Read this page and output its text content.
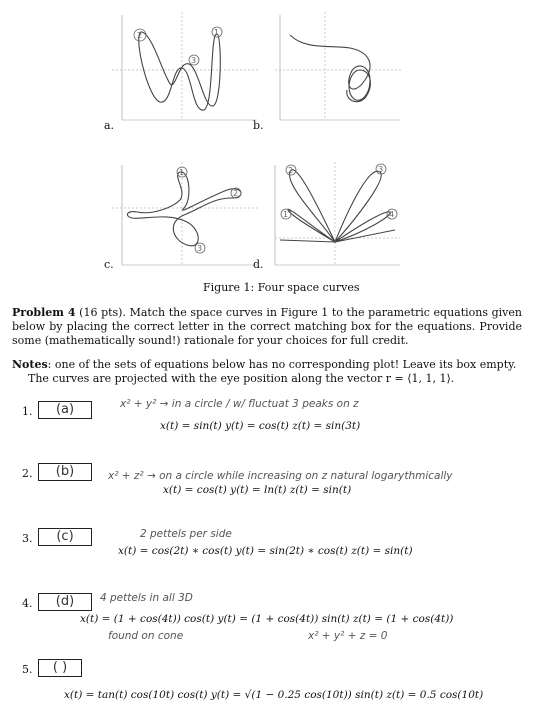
2	1
3
a.	b.
1
2
3
c.
2	3
1	4
d.
Figure 1: Four space curves
Problem 4 (16 pts). Match the space curves in Figure 1 to the parametric equations given below by placing the correct letter in the correct matching box for the equations. Provide some (mathematically sound!) rationale for your choices for full credit.
Notes: one of the sets of equations below has no corresponding plot! Leave its box empty.
The curves are projected with the eye position along the vector r = ⟨1, 1, 1⟩.
1.	(a)	x² + y² → in a circle / w/ fluctuat 3 peaks on z
x(t) = sin(t) y(t) = cos(t) z(t) = sin(3t)
2.	(b)	x² + z² → on a circle while increasing on z natural logarythmically
x(t) = cos(t) y(t) = ln(t) z(t) = sin(t)
3.	(c)	2 pettels per side
x(t) = cos(2t) ∗ cos(t) y(t) = sin(2t) ∗ cos(t) z(t) = sin(t)
4.	(d)	4 pettels in all 3D
x(t) = (1 + cos(4t)) cos(t) y(t) = (1 + cos(4t)) sin(t) z(t) = (1 + cos(4t))
found on cone	x² + y² + z = 0
5.	( )
x(t) = tan(t) cos(10t) cos(t) y(t) = √(1 − 0.25 cos(10t)) sin(t) z(t) = 0.5 cos(10t)
